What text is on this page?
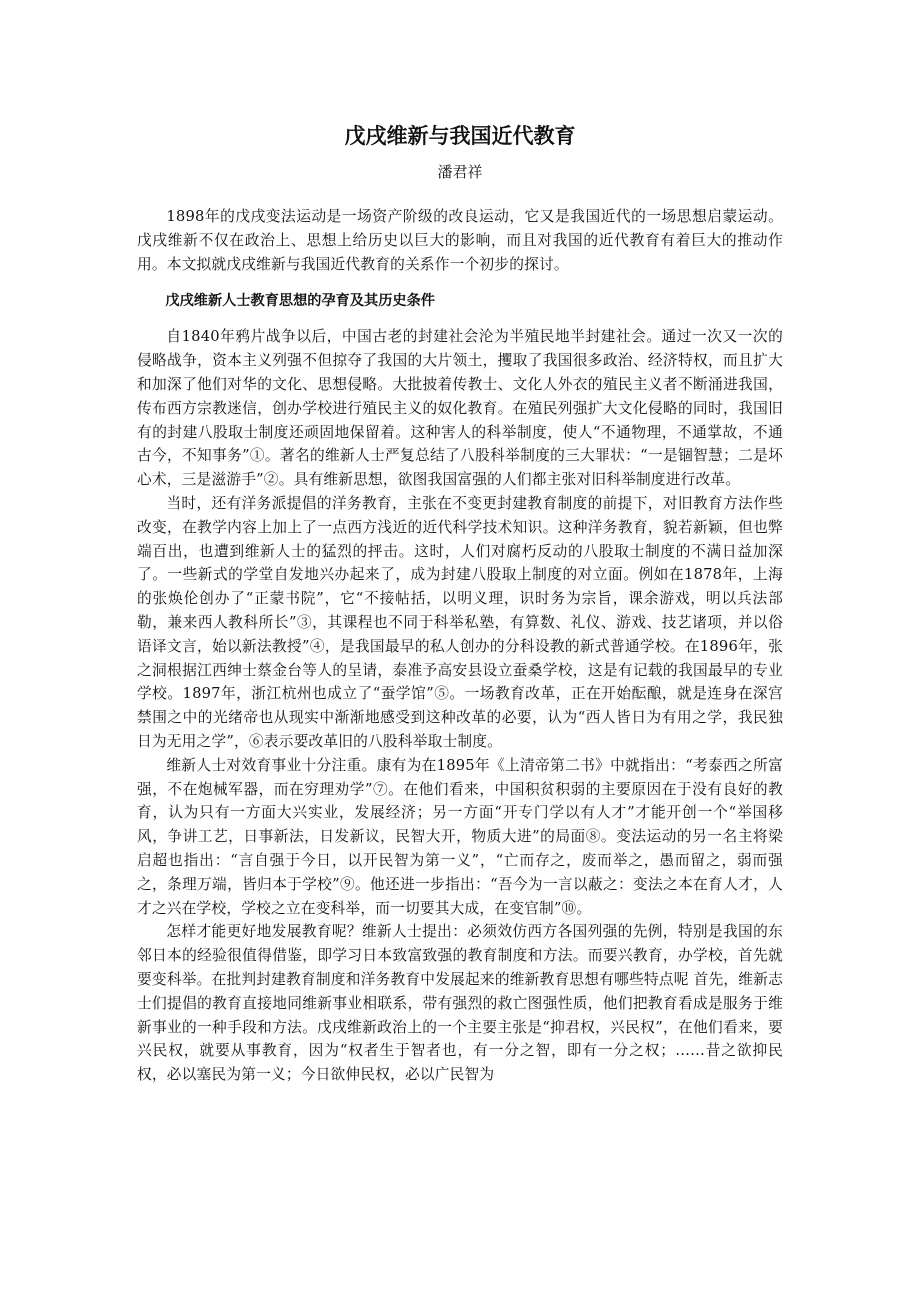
戊戌维新与我国近代教育

潘君祥

1898年的戊戌变法运动是一场资产阶级的改良运动，它又是我国近代的一场思想启蒙运动。戊戌维新不仅在政治上、思想上给历史以巨大的影响，而且对我国的近代教育有着巨大的推动作用。本文拟就戊戌维新与我国近代教育的关系作一个初步的探讨。

戊戌维新人士教育思想的孕育及其历史条件

自1840年鸦片战争以后，中国古老的封建社会沦为半殖民地半封建社会。通过一次又一次的侵略战争，资本主义列强不但掠夺了我国的大片领土，攫取了我国很多政治、经济特权，而且扩大和加深了他们对华的文化、思想侵略。大批披着传教士、文化人外衣的殖民主义者不断涌进我国，传布西方宗教迷信，创办学校进行殖民主义的奴化教育。在殖民列强扩大文化侵略的同时，我国旧有的封建八股取士制度还顽固地保留着。这种害人的科举制度，使人“不通物理，不通掌故，不通古今，不知事务”①。著名的维新人士严复总结了八股科举制度的三大罪状：“一是锢智慧；二是坏心术，三是滋游手”②。具有维新思想，欲图我国富强的人们都主张对旧科举制度进行改革。

当时，还有洋务派提倡的洋务教育，主张在不变更封建教育制度的前提下，对旧教育方法作些改变，在教学内容上加上了一点西方浅近的近代科学技术知识。这种洋务教育，貌若新颖，但也弊端百出，也遭到维新人士的猛烈的抨击。这时，人们对腐朽反动的八股取士制度的不满日益加深了。一些新式的学堂自发地兴办起来了，成为封建八股取上制度的对立面。例如在1878年，上海的张焕伦创办了“正蒙书院”，它“不接帖括，以明义理，识时务为宗旨，课余游戏，明以兵法部勒，兼来西人教科所长”③，其课程也不同于科举私塾，有算数、礼仪、游戏、技艺诸项，并以俗语译文言，始以新法教授”④，是我国最早的私人创办的分科设教的新式普通学校。在1896年，张之洞根据江西绅士蔡金台等人的呈请，泰准予高安县设立蚕桑学校，这是有记载的我国最早的专业学校。1897年，浙江杭州也成立了“蚕学馆”⑤。一场教育改革，正在开始酝酿，就是连身在深宫禁围之中的光绪帝也从现实中渐渐地感受到这种改革的必要，认为“西人皆日为有用之学，我民独日为无用之学”，⑥表示要改革旧的八股科举取士制度。

维新人士对效育事业十分注重。康有为在1895年《上清帝第二书》中就指出：“考泰西之所富强，不在炮械军器，而在穷理劝学”⑦。在他们看来，中国积贫积弱的主要原因在于没有良好的教育，认为只有一方面大兴实业，发展经济；另一方面“开专门学以有人才”才能开创一个“举国移风，争讲工艺，日事新法，日发新议，民智大开，物质大进”的局面⑧。变法运动的另一名主将梁启超也指出：“言自强于今日，以开民智为第一义”，“亡而存之，废而举之，愚而留之，弱而强之，条理万端，皆归本于学校”⑨。他还进一步指出：“吾今为一言以蔽之：变法之本在育人才，人才之兴在学校，学校之立在变科举，而一切要其大成，在变官制”⑩。

怎样才能更好地发展教育呢？维新人士提出：必须效仿西方各国列强的先例，特别是我国的东邻日本的经验很值得借鉴，即学习日本致富致强的教育制度和方法。而要兴教育，办学校，首先就要变科举。在批判封建教育制度和洋务教育中发展起来的维新教育思想有哪些特点呢 首先，维新志士们提倡的教育直接地同维新事业相联系，带有强烈的救亡图强性质，他们把教育看成是服务于维新事业的一种手段和方法。戊戌维新政治上的一个主要主张是“抑君权，兴民权”，在他们看来，要兴民权，就要从事教育，因为“权者生于智者也，有一分之智，即有一分之权；……昔之欲抑民权，必以塞民为第一义；今日欲伸民权，必以广民智为
